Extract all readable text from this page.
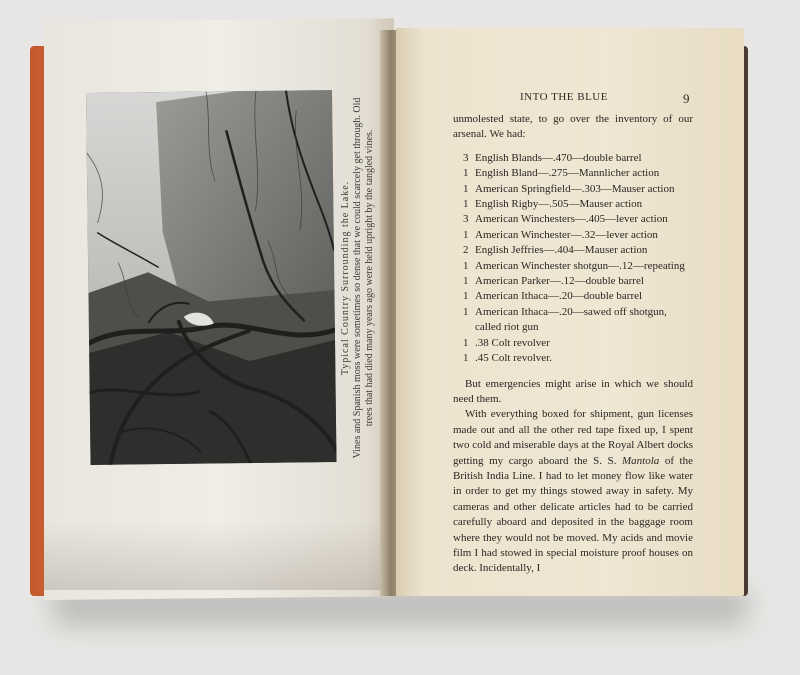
Typical Country Surrounding the Lake. Vines and Spanish moss were sometimes so dense that we could scarcely get through. Old trees that had died many years ago were held upright by the tangled vines.
INTO THE BLUE	9

unmolested state, to go over the inventory of our arsenal. We had:

3 English Blands—.470—double barrel
1 English Bland—.275—Mannlicher action
1 American Springfield—.303—Mauser action
1 English Rigby—.505—Mauser action
3 American Winchesters—.405—lever action
1 American Winchester—.32—lever action
2 English Jeffries—.404—Mauser action
1 American Winchester shotgun—.12—repeating
1 American Parker—.12—double barrel
1 American Ithaca—.20—double barrel
1 American Ithaca—.20—sawed off shotgun, called riot gun
1 .38 Colt revolver
1 .45 Colt revolver.

But emergencies might arise in which we should need them.

With everything boxed for shipment, gun licenses made out and all the other red tape fixed up, I spent two cold and miserable days at the Royal Albert docks getting my cargo aboard the S. S. Mantola of the British India Line. I had to let money flow like water in order to get my things stowed away in safety. My cameras and other delicate articles had to be carried carefully aboard and deposited in the baggage room where they would not be moved. My acids and movie film I had stowed in special moisture proof houses on deck. Incidentally, I
